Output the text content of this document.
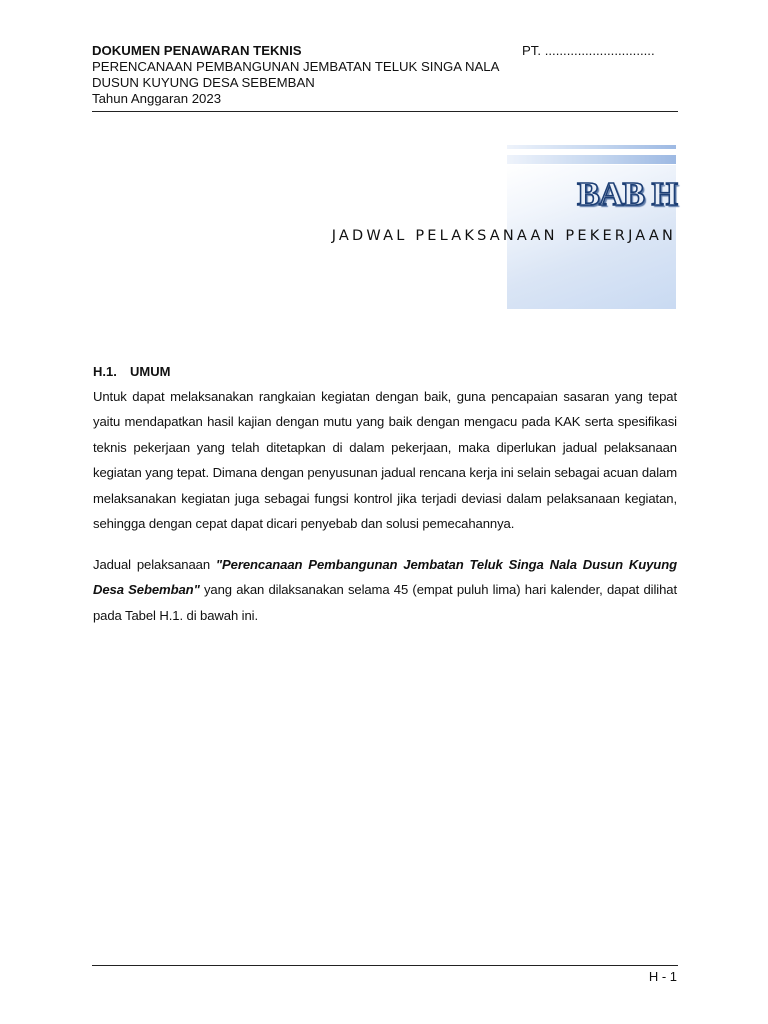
DOKUMEN PENAWARAN TEKNIS
PERENCANAAN PEMBANGUNAN JEMBATAN TELUK SINGA NALA
DUSUN KUYUNG DESA SEBEMBAN
Tahun Anggaran 2023
PT. ..............................
BAB H
JADWAL PELAKSANAAN PEKERJAAN
H.1. UMUM
Untuk dapat melaksanakan rangkaian kegiatan dengan baik, guna pencapaian sasaran yang tepat yaitu mendapatkan hasil kajian dengan mutu yang baik dengan mengacu pada KAK serta spesifikasi teknis pekerjaan yang telah ditetapkan di dalam pekerjaan, maka diperlukan jadual pelaksanaan kegiatan yang tepat. Dimana dengan penyusunan jadual rencana kerja ini selain sebagai acuan dalam melaksanakan kegiatan juga sebagai fungsi kontrol jika terjadi deviasi dalam pelaksanaan kegiatan, sehingga dengan cepat dapat dicari penyebab dan solusi pemecahannya.
Jadual pelaksanaan "Perencanaan Pembangunan Jembatan Teluk Singa Nala Dusun Kuyung Desa Sebemban" yang akan dilaksanakan selama 45 (empat puluh lima) hari kalender, dapat dilihat pada Tabel H.1. di bawah ini.
H - 1
